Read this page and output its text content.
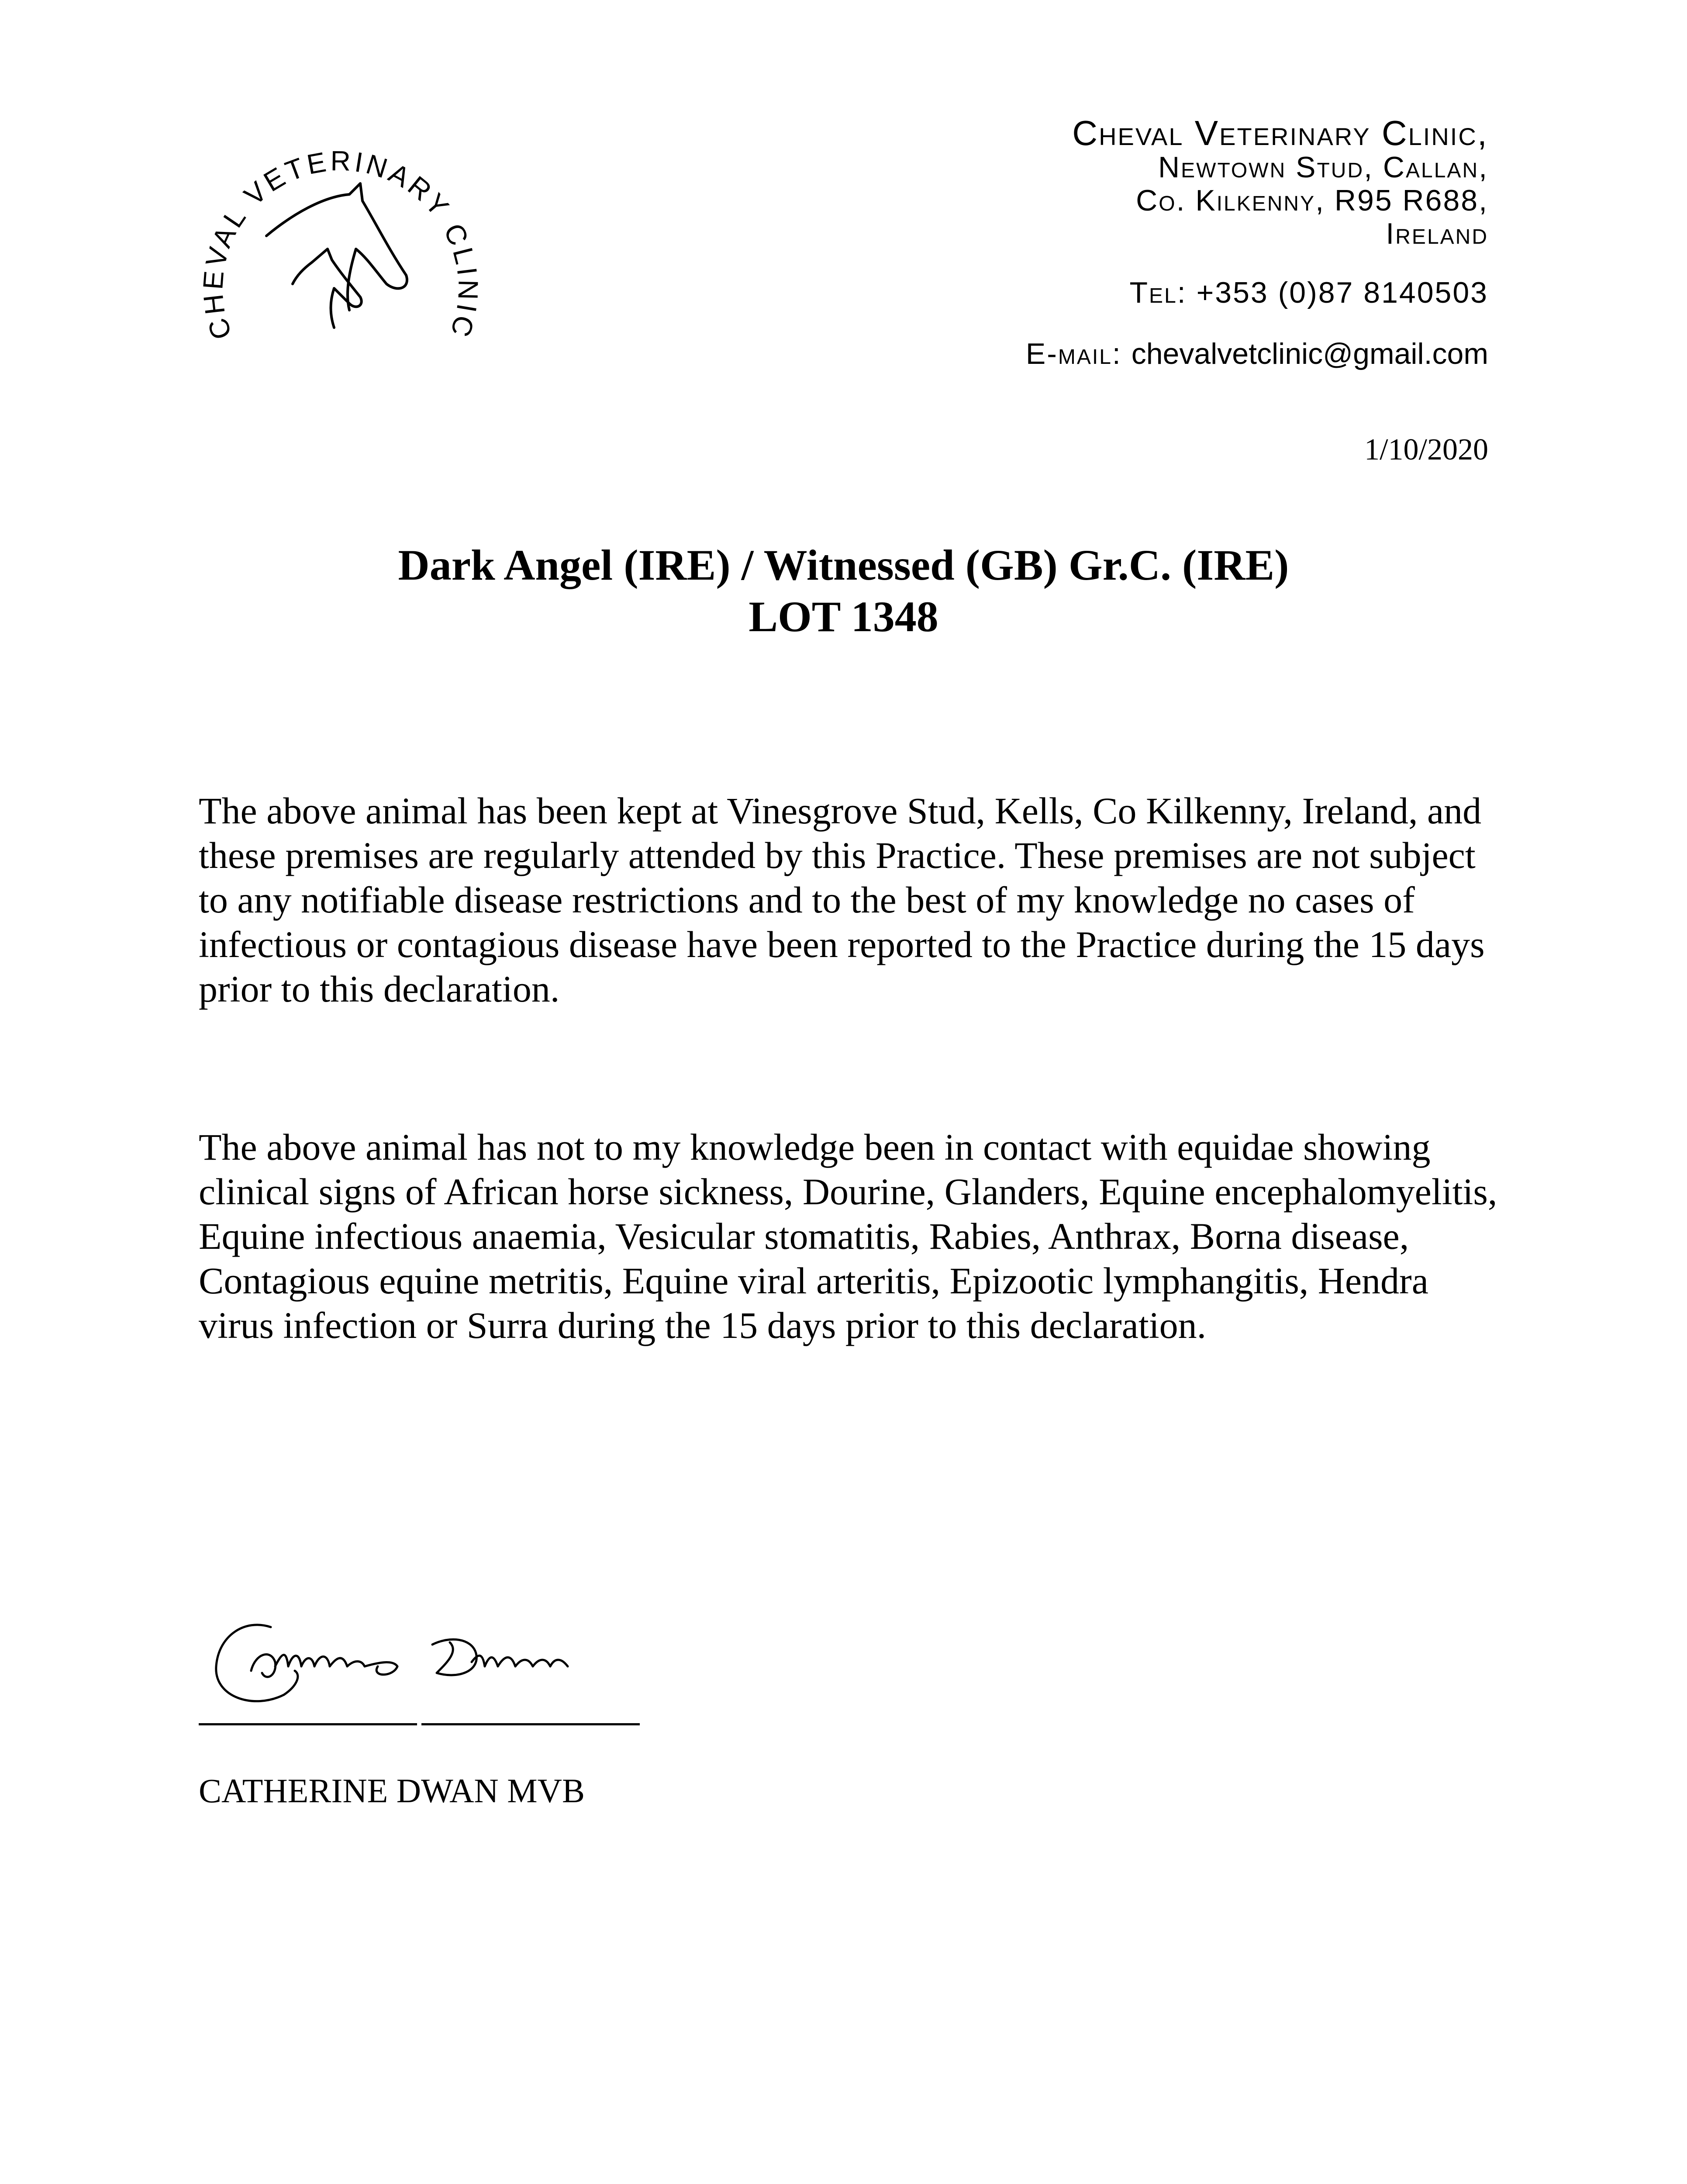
CHEVAL VETERINARY CLINIC
Cheval Veterinary Clinic,
Newtown Stud, Callan,
Co. Kilkenny, R95 R688,
Ireland
Tel: +353 (0)87 8140503
E-mail: chevalvetclinic@gmail.com
1/10/2020
Dark Angel (IRE) / Witnessed (GB) Gr.C. (IRE)
LOT 1348
The above animal has been kept at Vinesgrove Stud, Kells, Co Kilkenny, Ireland, and these premises are regularly attended by this Practice. These premises are not subject to any notifiable disease restrictions and to the best of my knowledge no cases of infectious or contagious disease have been reported to the Practice during the 15 days prior to this declaration.
The above animal has not to my knowledge been in contact with equidae showing clinical signs of African horse sickness, Dourine, Glanders, Equine encephalomyelitis, Equine infectious anaemia, Vesicular stomatitis, Rabies, Anthrax, Borna disease, Contagious equine metritis, Equine viral arteritis, Epizootic lymphangitis, Hendra virus infection or Surra during the 15 days prior to this declaration.
CATHERINE DWAN MVB
